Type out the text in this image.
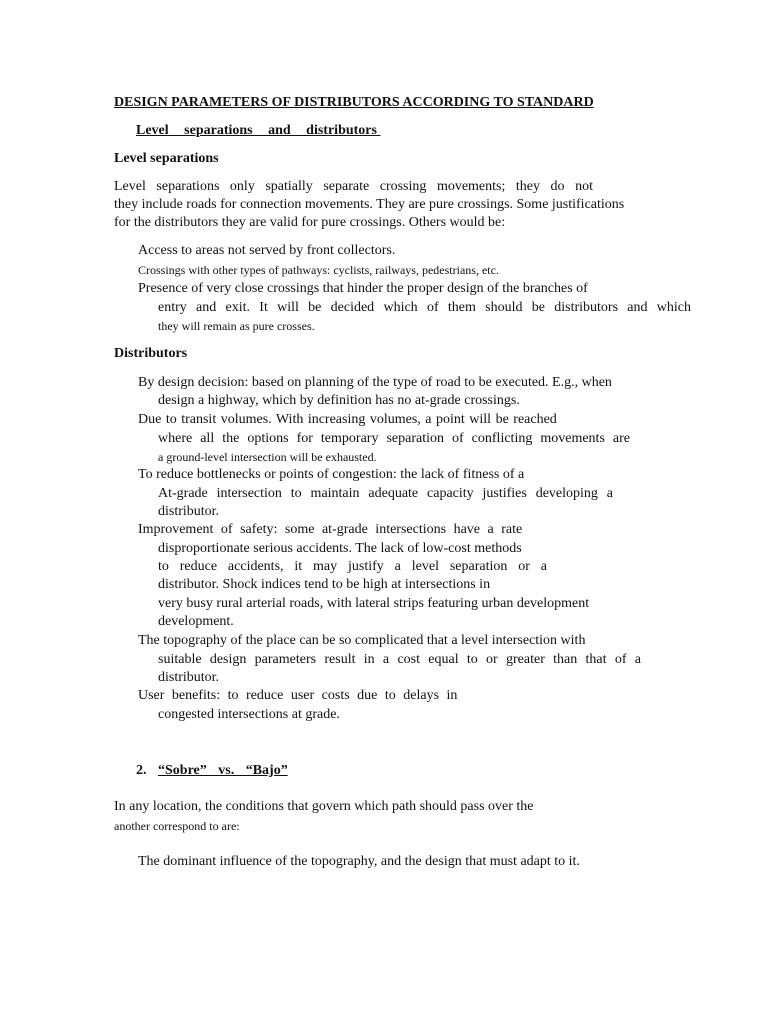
DESIGN PARAMETERS OF DISTRIBUTORS ACCORDING TO STANDARD
Level separations and distributors
Level separations
Level separations only spatially separate crossing movements; they do not
they include roads for connection movements. They are pure crossings. Some justifications
for the distributors they are valid for pure crossings. Others would be:
Access to areas not served by front collectors.
Crossings with other types of pathways: cyclists, railways, pedestrians, etc.
Presence of very close crossings that hinder the proper design of the branches of
entry and exit. It will be decided which of them should be distributors and which
they will remain as pure crosses.
Distributors
By design decision: based on planning of the type of road to be executed. E.g., when
design a highway, which by definition has no at-grade crossings.
Due to transit volumes. With increasing volumes, a point will be reached
where all the options for temporary separation of conflicting movements are
a ground-level intersection will be exhausted.
To reduce bottlenecks or points of congestion: the lack of fitness of a
At-grade intersection to maintain adequate capacity justifies developing a
distributor.
Improvement of safety: some at-grade intersections have a rate
disproportionate serious accidents. The lack of low-cost methods
to reduce accidents, it may justify a level separation or a
distributor. Shock indices tend to be high at intersections in
very busy rural arterial roads, with lateral strips featuring urban development
development.
The topography of the place can be so complicated that a level intersection with
suitable design parameters result in a cost equal to or greater than that of a
distributor.
User benefits: to reduce user costs due to delays in
congested intersections at grade.
2. “Sobre” vs. “Bajo”
In any location, the conditions that govern which path should pass over the
another correspond to are:
The dominant influence of the topography, and the design that must adapt to it.
